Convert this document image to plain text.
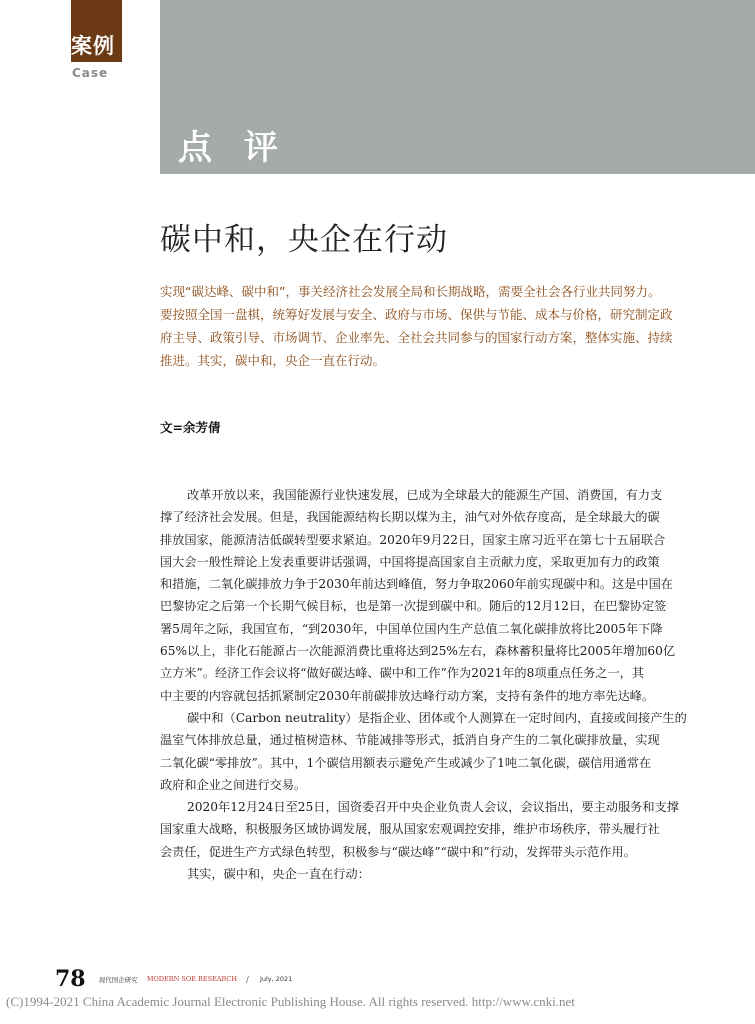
案例
Case
点 评
碳中和，央企在行动
实现“碳达峰、碳中和”，事关经济社会发展全局和长期战略，需要全社会各行业共同努力。
要按照全国一盘棋，统筹好发展与安全、政府与市场、保供与节能、成本与价格，研究制定政
府主导、政策引导、市场调节、企业率先、全社会共同参与的国家行动方案，整体实施、持续
推进。其实，碳中和，央企一直在行动。
文=余芳倩
改革开放以来，我国能源行业快速发展，已成为全球最大的能源生产国、消费国，有力支
撑了经济社会发展。但是，我国能源结构长期以煤为主，油气对外依存度高，是全球最大的碳
排放国家，能源清洁低碳转型要求紧迫。2020年9月22日，国家主席习近平在第七十五届联合
国大会一般性辩论上发表重要讲话强调，中国将提高国家自主贡献力度，采取更加有力的政策
和措施，二氧化碳排放力争于2030年前达到峰值，努力争取2060年前实现碳中和。这是中国在
巴黎协定之后第一个长期气候目标，也是第一次提到碳中和。随后的12月12日，在巴黎协定签
署5周年之际，我国宣布，“到2030年，中国单位国内生产总值二氧化碳排放将比2005年下降
65%以上，非化石能源占一次能源消费比重将达到25%左右，森林蓄积量将比2005年增加60亿
立方米”。经济工作会议将“做好碳达峰、碳中和工作”作为2021年的8项重点任务之一，其
中主要的内容就包括抓紧制定2030年前碳排放达峰行动方案，支持有条件的地方率先达峰。
碳中和（Carbon neutrality）是指企业、团体或个人测算在一定时间内，直接或间接产生的
温室气体排放总量，通过植树造林、节能减排等形式，抵消自身产生的二氧化碳排放量，实现
二氧化碳“零排放”。其中，1个碳信用额表示避免产生或减少了1吨二氧化碳，碳信用通常在
政府和企业之间进行交易。
2020年12月24日至25日，国资委召开中央企业负责人会议，会议指出，要主动服务和支撑
国家重大战略，积极服务区域协调发展，服从国家宏观调控安排，维护市场秩序，带头履行社
会责任，促进生产方式绿色转型，积极参与“碳达峰”“碳中和”行动，发挥带头示范作用。
其实，碳中和，央企一直在行动：
78 现代国企研究 MODERN SOE RESEARCH / July, 2021
(C)1994-2021 China Academic Journal Electronic Publishing House. All rights reserved. http://www.cnki.net
